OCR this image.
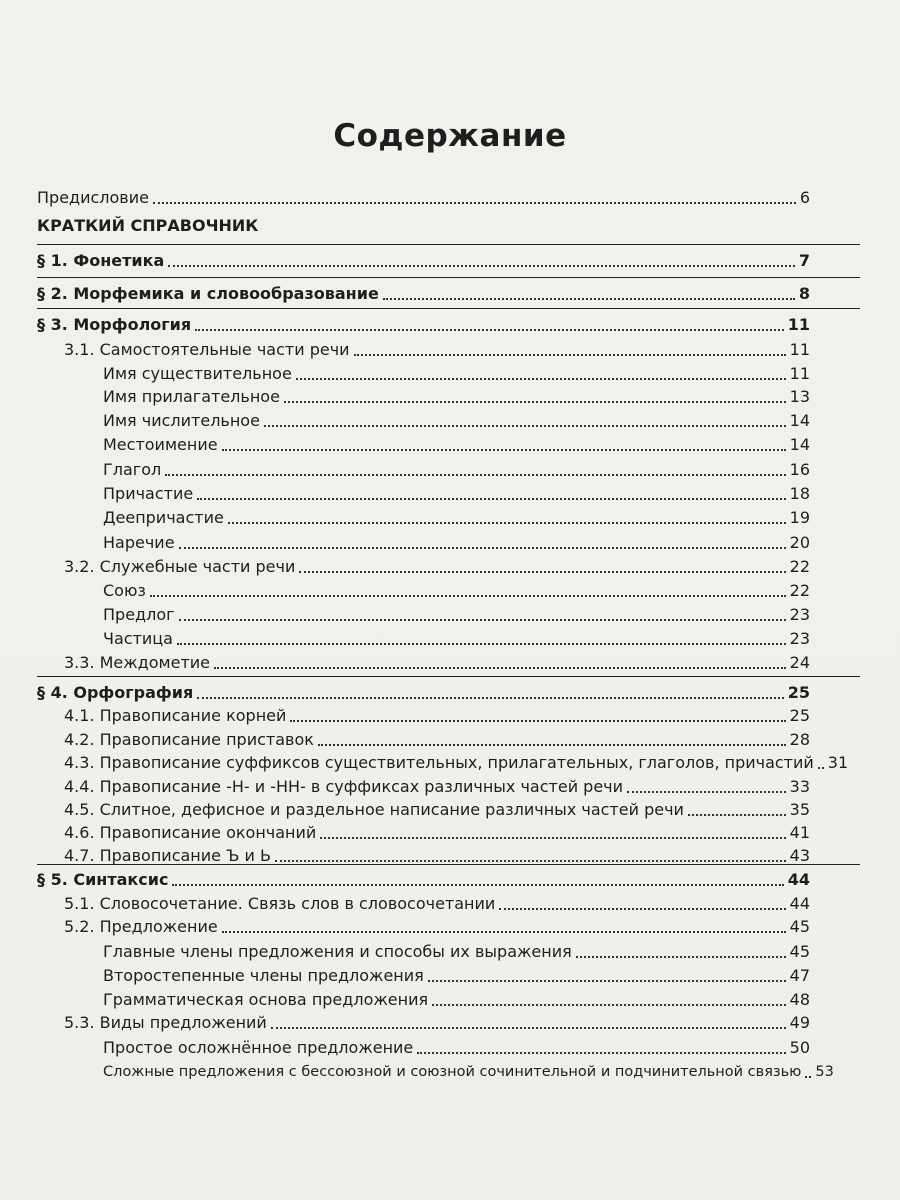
Содержание
Предисловие	6
КРАТКИЙ СПРАВОЧНИК
§ 1. Фонетика	7
§ 2. Морфемика и словообразование	8
§ 3. Морфология	11
3.1. Самостоятельные части речи	11
Имя существительное	11
Имя прилагательное	13
Имя числительное	14
Местоимение	14
Глагол	16
Причастие	18
Деепричастие	19
Наречие	20
3.2. Служебные части речи	22
Союз	22
Предлог	23
Частица	23
3.3. Междометие	24
§ 4. Орфография	25
4.1. Правописание корней	25
4.2. Правописание приставок	28
4.3. Правописание суффиксов существительных, прилагательных, глаголов, причастий 31
4.4. Правописание -Н- и -НН- в суффиксах различных частей речи	33
4.5. Слитное, дефисное и раздельное написание различных частей речи	35
4.6. Правописание окончаний	41
4.7. Правописание Ъ и Ь	43
§ 5. Синтаксис	44
5.1. Словосочетание. Связь слов в словосочетании	44
5.2. Предложение	45
Главные члены предложения и способы их выражения	45
Второстепенные члены предложения	47
Грамматическая основа предложения	48
5.3. Виды предложений	49
Простое осложнённое предложение	50
Сложные предложения с бессоюзной и союзной сочинительной и подчинительной связью 53
